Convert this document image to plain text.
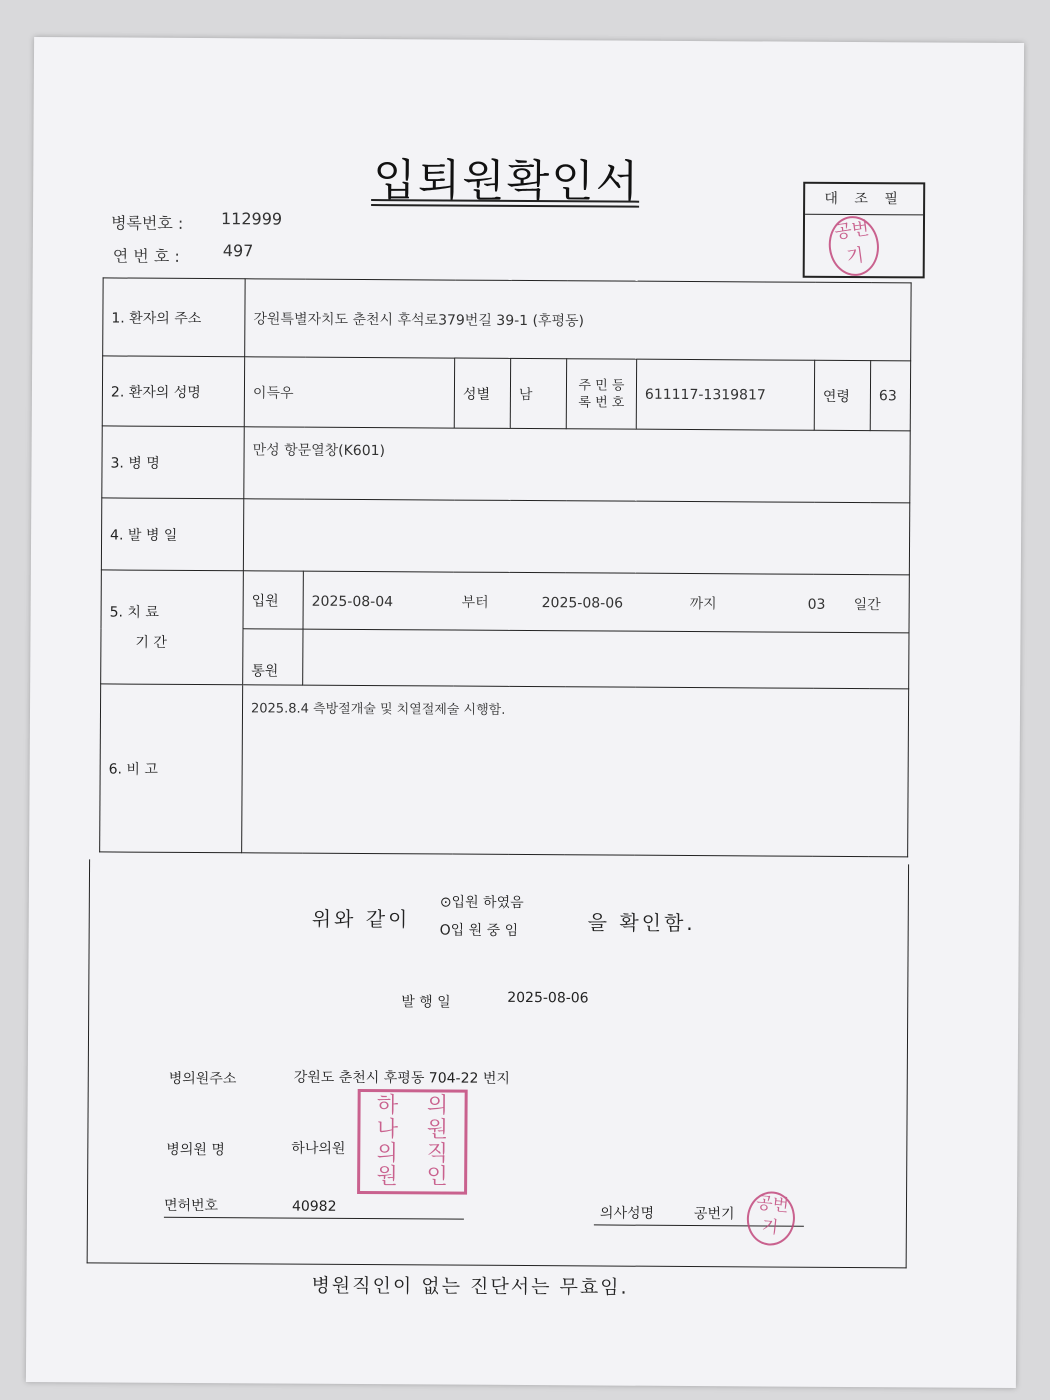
입퇴원확인서
병록번호 : 112999
연 번 호 :	497
대 조 필
공번기
1. 환자의 주소	강원특별자치도 춘천시 후석로379번길 39-1 (후평동)							
2. 환자의 성명	이득우		성별	남	주 민 등 록 번 호	611117-1319817	연령	63
3. 병 명	만성 항문열창(K601)							
4. 발 병 일								

5. 치 료
기 간	입원	2025-08-04 부터 2025-08-06 까지 03 일간						
	통원							
6. 비 고	2025.8.4 측방절개술 및 치열절제술 시행함.							
위와 같이
⊙입원 하였음
O입 원 중 임	을 확인함.
발 행 일	2025-08-06
병의원주소	강원도 춘천시 후평동 704-22 번지
병의원 명	하나의원
면허번호	40982	의사성명	공번기
하	의
나	원
의	직
원	인
공번기
병원직인이 없는 진단서는 무효임.
